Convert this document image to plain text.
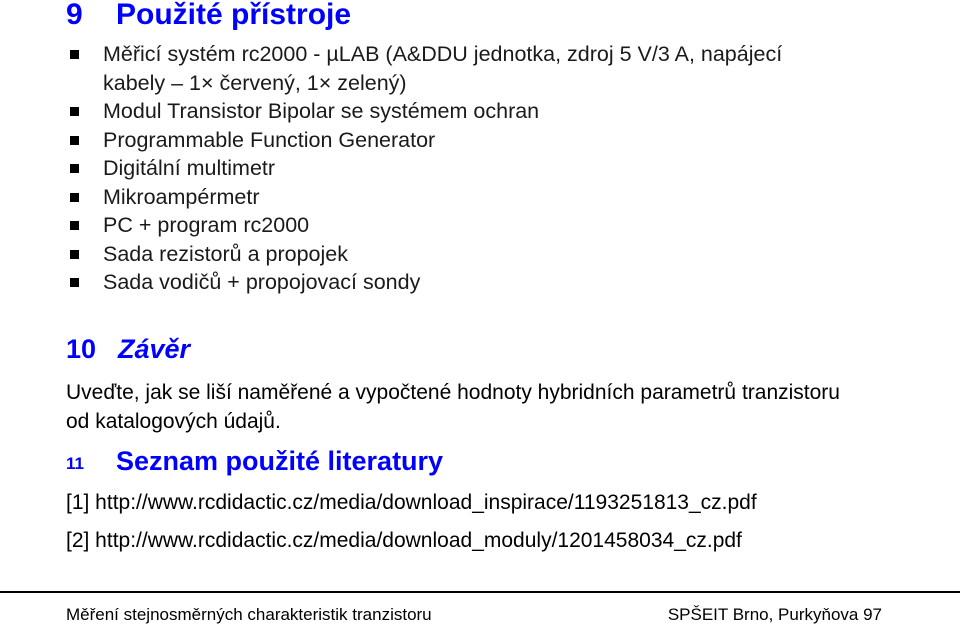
9 Použité přístroje
Měřicí systém rc2000 - µLAB (A&DDU jednotka, zdroj 5 V/3 A, napájecí kabely – 1× červený, 1× zelený)
Modul Transistor Bipolar se systémem ochran
Programmable Function Generator
Digitální multimetr
Mikroampérmetr
PC + program rc2000
Sada rezistorů a propojek
Sada vodičů + propojovací sondy
10 Závěr
Uveďte, jak se liší naměřené a vypočtené hodnoty hybridních parametrů tranzistoru od katalogových údajů.
11 Seznam použité literatury
[1] http://www.rcdidactic.cz/media/download_inspirace/1193251813_cz.pdf
[2] http://www.rcdidactic.cz/media/download_moduly/1201458034_cz.pdf
Měření stejnosměrných charakteristik tranzistoru	SPŠEIT Brno, Purkyňova 97
